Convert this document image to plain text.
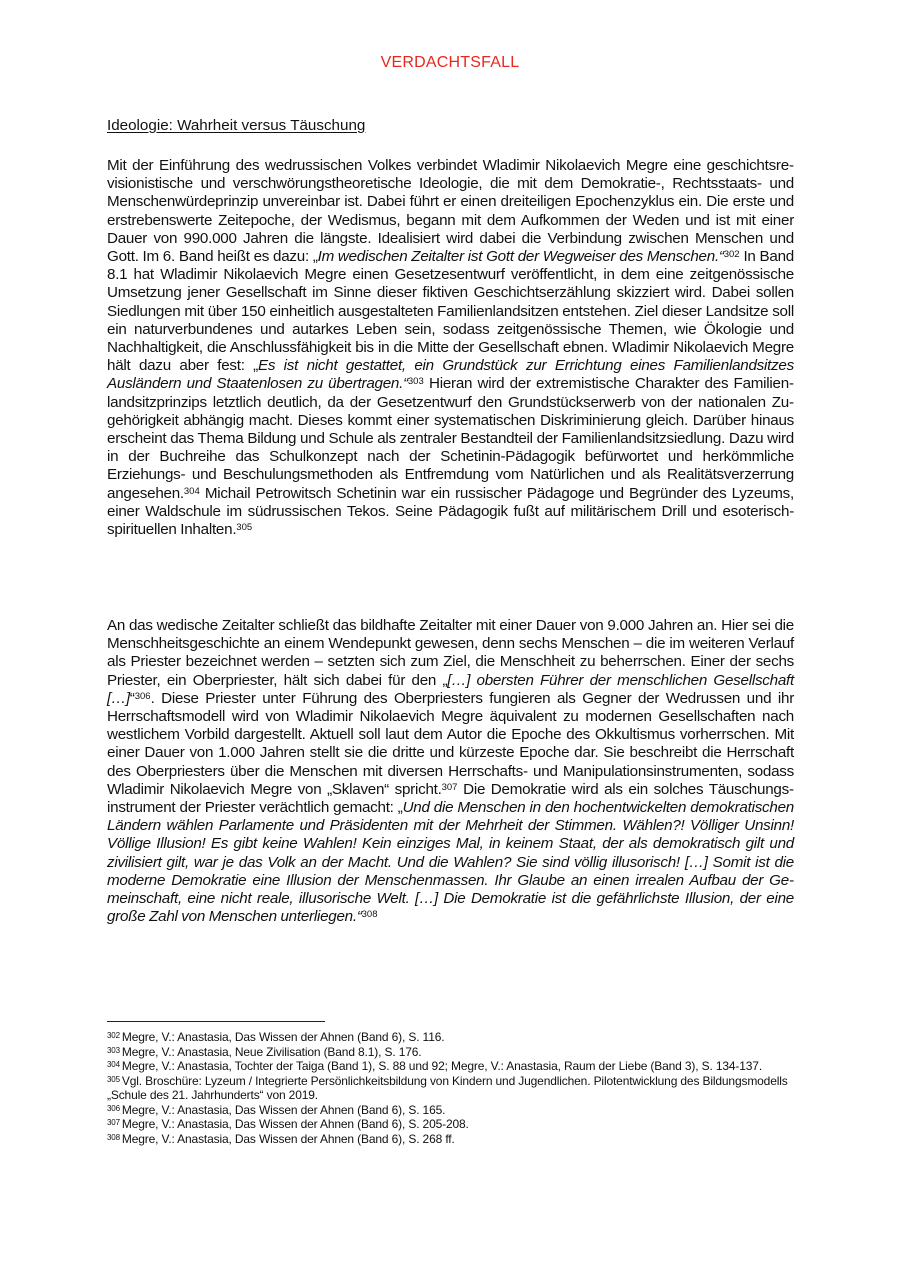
VERDACHTSFALL
Ideologie: Wahrheit versus Täuschung

Mit der Einführung des wedrussischen Volkes verbindet Wladimir Nikolaevich Megre eine geschichtsrevisionistische und verschwörungstheoretische Ideologie, die mit dem Demokratie-, Rechtsstaats- und Menschenwürdeprinzip unvereinbar ist. Dabei führt er einen dreiteiligen Epochenzyklus ein. Die erste und erstrebenswerte Zeitepoche, der Wedismus, begann mit dem Aufkommen der Weden und ist mit einer Dauer von 990.000 Jahren die längste. Idealisiert wird dabei die Verbindung zwischen Menschen und Gott. Im 6. Band heißt es dazu: „Im wedischen Zeitalter ist Gott der Wegweiser des Menschen.“$^{302}$ In Band 8.1 hat Wladimir Nikolaevich Megre einen Gesetzesentwurf veröffentlicht, in dem eine zeitgenössische Umsetzung jener Gesellschaft im Sinne dieser fiktiven Geschichtserzählung skizziert wird. Dabei sollen Siedlungen mit über 150 einheitlich ausgestalteten Familienlandsitzen entstehen. Ziel dieser Landsitze soll ein naturverbundenes und autarkes Leben sein, sodass zeitgenössische Themen, wie Ökologie und Nachhaltigkeit, die Anschlussfähigkeit bis in die Mitte der Gesellschaft ebnen. Wladimir Nikolaevich Megre hält dazu aber fest: „Es ist nicht gestattet, ein Grundstück zur Errichtung eines Familienlandsitzes Ausländern und Staatenlosen zu übertragen.“$^{303}$ Hieran wird der extremistische Charakter des Familienlandsitzprinzips letztlich deutlich, da der Gesetzentwurf den Grundstückserwerb von der nationalen Zugehörigkeit abhängig macht. Dieses kommt einer systematischen Diskriminierung gleich. Darüber hinaus erscheint das Thema Bildung und Schule als zentraler Bestandteil der Familienlandsitzsiedlung. Dazu wird in der Buchreihe das Schulkonzept nach der Schetinin-Pädagogik befürwortet und herkömmliche Erziehungs- und Beschulungsmethoden als Entfremdung vom Natürlichen und als Realitätsverzerrung angesehen.$^{304}$ Michail Petrowitsch Schetinin war ein russischer Pädagoge und Begründer des Lyzeums, einer Waldschule im südrussischen Tekos. Seine Pädagogik fußt auf militärischem Drill und esoterisch-spirituellen Inhalten.$^{305}$

An das wedische Zeitalter schließt das bildhafte Zeitalter mit einer Dauer von 9.000 Jahren an. Hier sei die Menschheitsgeschichte an einem Wendepunkt gewesen, denn sechs Menschen – die im weiteren Verlauf als Priester bezeichnet werden – setzten sich zum Ziel, die Menschheit zu beherrschen. Einer der sechs Priester, ein Oberpriester, hält sich dabei für den „[…] obersten Führer der menschlichen Gesellschaft […]“$^{306}$. Diese Priester unter Führung des Oberpriesters fungieren als Gegner der Wedrussen und ihr Herrschaftsmodell wird von Wladimir Nikolaevich Megre äquivalent zu modernen Gesellschaften nach westlichem Vorbild dargestellt. Aktuell soll laut dem Autor die Epoche des Okkultismus vorherrschen. Mit einer Dauer von 1.000 Jahren stellt sie die dritte und kürzeste Epoche dar. Sie beschreibt die Herrschaft des Oberpriesters über die Menschen mit diversen Herrschafts- und Manipulationsinstrumenten, sodass Wladimir Nikolaevich Megre von „Sklaven“ spricht.$^{307}$ Die Demokratie wird als ein solches Täuschungsinstrument der Priester verächtlich gemacht: „Und die Menschen in den hochentwickelten demokratischen Ländern wählen Parlamente und Präsidenten mit der Mehrheit der Stimmen. Wählen?! Völliger Unsinn! Völlige Illusion! Es gibt keine Wahlen! Kein einziges Mal, in keinem Staat, der als demokratisch gilt und zivilisiert gilt, war je das Volk an der Macht. Und die Wahlen? Sie sind völlig illusorisch! […] Somit ist die moderne Demokratie eine Illusion der Menschenmassen. Ihr Glaube an einen irrealen Aufbau der Gemeinschaft, eine nicht reale, illusorische Welt. […] Die Demokratie ist die gefährlichste Illusion, der eine große Zahl von Menschen unterliegen.“$^{308}$

$^{302}$ Megre, V.: Anastasia, Das Wissen der Ahnen (Band 6), S. 116.
$^{303}$ Megre, V.: Anastasia, Neue Zivilisation (Band 8.1), S. 176.
$^{304}$ Megre, V.: Anastasia, Tochter der Taiga (Band 1), S. 88 und 92; Megre, V.: Anastasia, Raum der Liebe (Band 3), S. 134-137.
$^{305}$ Vgl. Broschüre: Lyzeum / Integrierte Persönlichkeitsbildung von Kindern und Jugendlichen. Pilotentwicklung des Bildungsmodells „Schule des 21. Jahrhunderts“ von 2019.
$^{306}$ Megre, V.: Anastasia, Das Wissen der Ahnen (Band 6), S. 165.
$^{307}$ Megre, V.: Anastasia, Das Wissen der Ahnen (Band 6), S. 205-208.
$^{308}$ Megre, V.: Anastasia, Das Wissen der Ahnen (Band 6), S. 268 ff.
